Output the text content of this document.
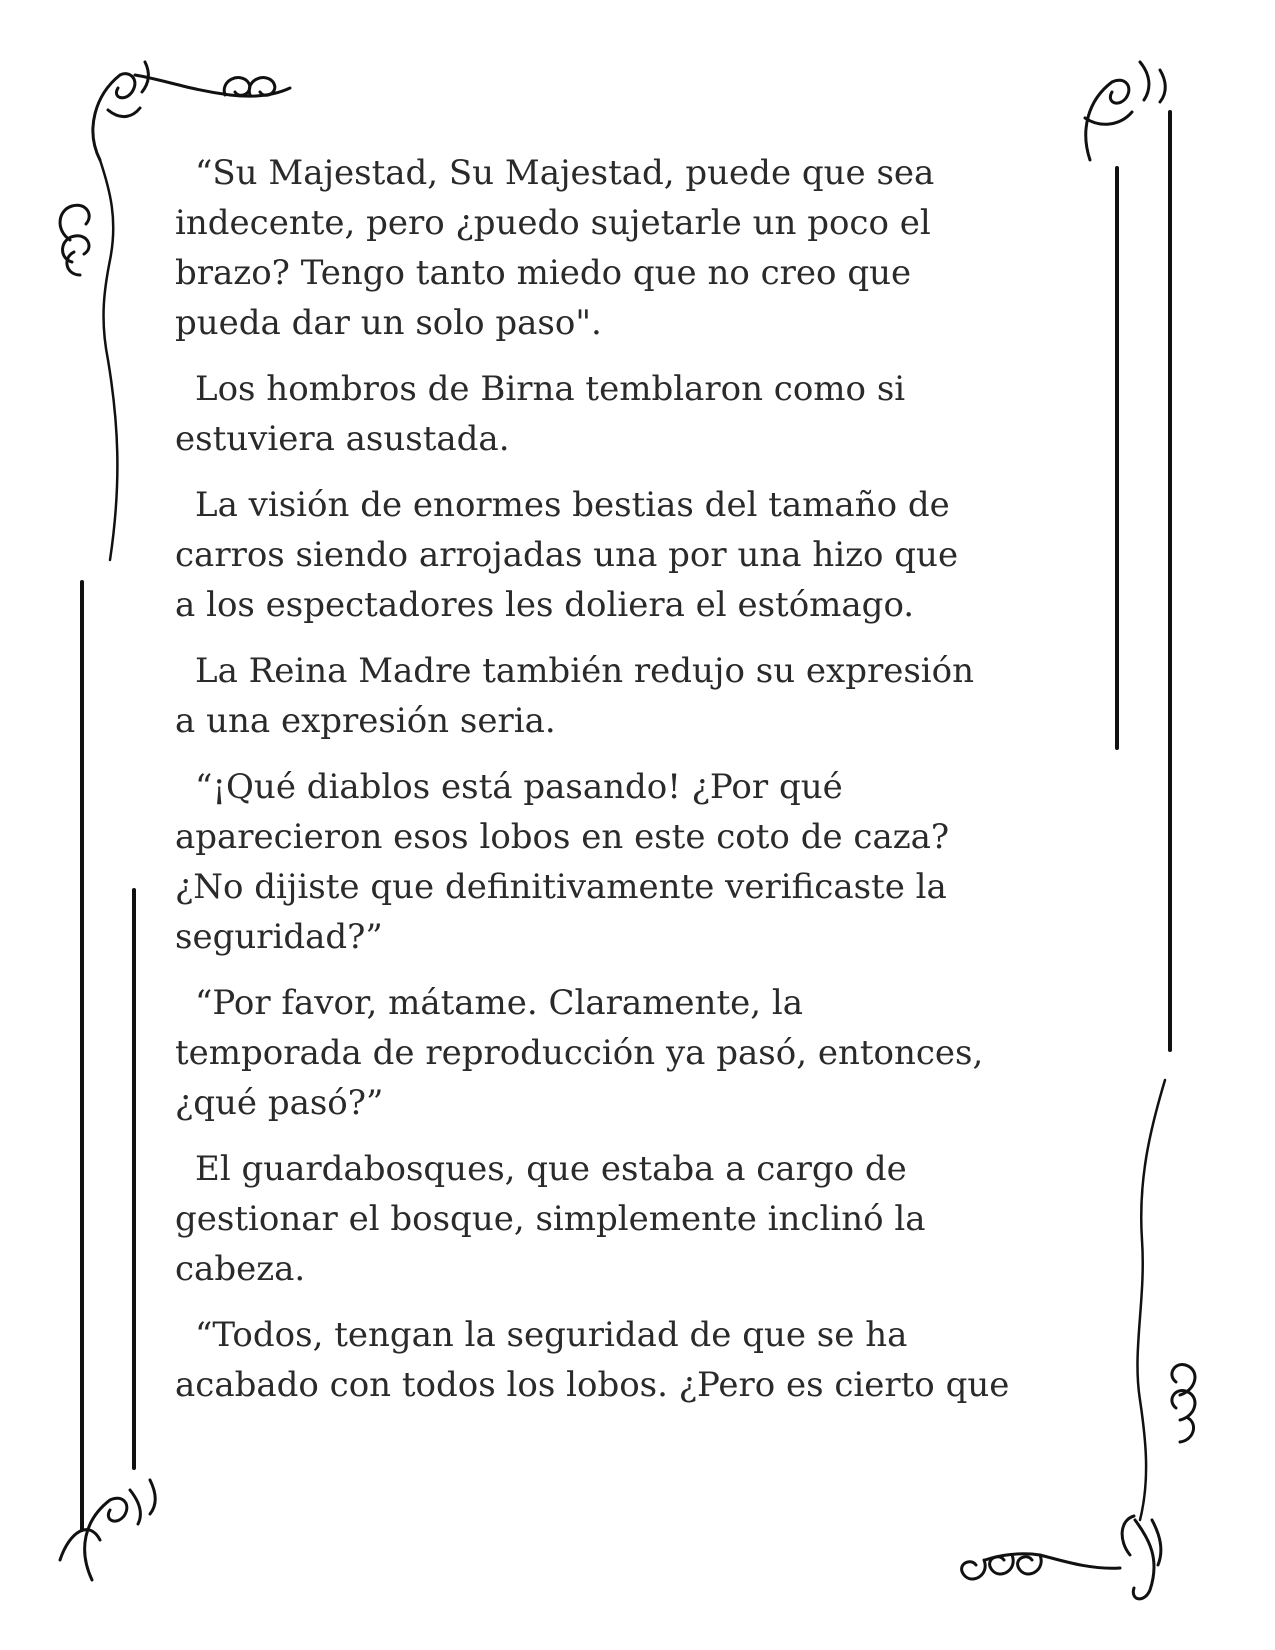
“Su Majestad, Su Majestad, puede que sea
indecente, pero ¿puedo sujetarle un poco el
brazo? Tengo tanto miedo que no creo que
pueda dar un solo paso".

Los hombros de Birna temblaron como si
estuviera asustada.

La visión de enormes bestias del tamaño de
carros siendo arrojadas una por una hizo que
a los espectadores les doliera el estómago.

La Reina Madre también redujo su expresión
a una expresión seria.

“¡Qué diablos está pasando! ¿Por qué
aparecieron esos lobos en este coto de caza?
¿No dijiste que definitivamente verificaste la
seguridad?”

“Por favor, mátame. Claramente, la
temporada de reproducción ya pasó, entonces,
¿qué pasó?”

El guardabosques, que estaba a cargo de
gestionar el bosque, simplemente inclinó la
cabeza.

“Todos, tengan la seguridad de que se ha
acabado con todos los lobos. ¿Pero es cierto que
